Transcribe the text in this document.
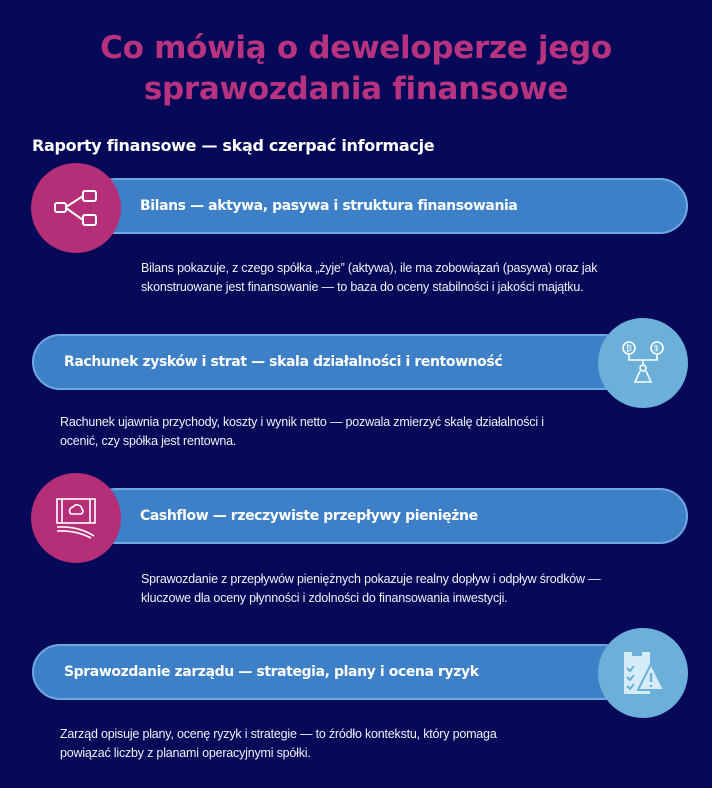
Co mówią o deweloperze jego
sprawozdania finansowe
Raporty finansowe — skąd czerpać informacje
Bilans — aktywa, pasywa i struktura finansowania
Bilans pokazuje, z czego spółka „żyje” (aktywa), ile ma zobowiązań (pasywa) oraz jak
skonstruowane jest finansowanie — to baza do oceny stabilności i jakości majątku.
Rachunek zysków i strat — skala działalności i rentowność
₿	$
Rachunek ujawnia przychody, koszty i wynik netto — pozwala zmierzyć skalę działalności i
ocenić, czy spółka jest rentowna.
Cashflow — rzeczywiste przepływy pieniężne
Sprawozdanie z przepływów pieniężnych pokazuje realny dopływ i odpływ środków —
kluczowe dla oceny płynności i zdolności do finansowania inwestycji.
Sprawozdanie zarządu — strategia, plany i ocena ryzyk
Zarząd opisuje plany, ocenę ryzyk i strategie — to źródło kontekstu, który pomaga
powiązać liczby z planami operacyjnymi spółki.
